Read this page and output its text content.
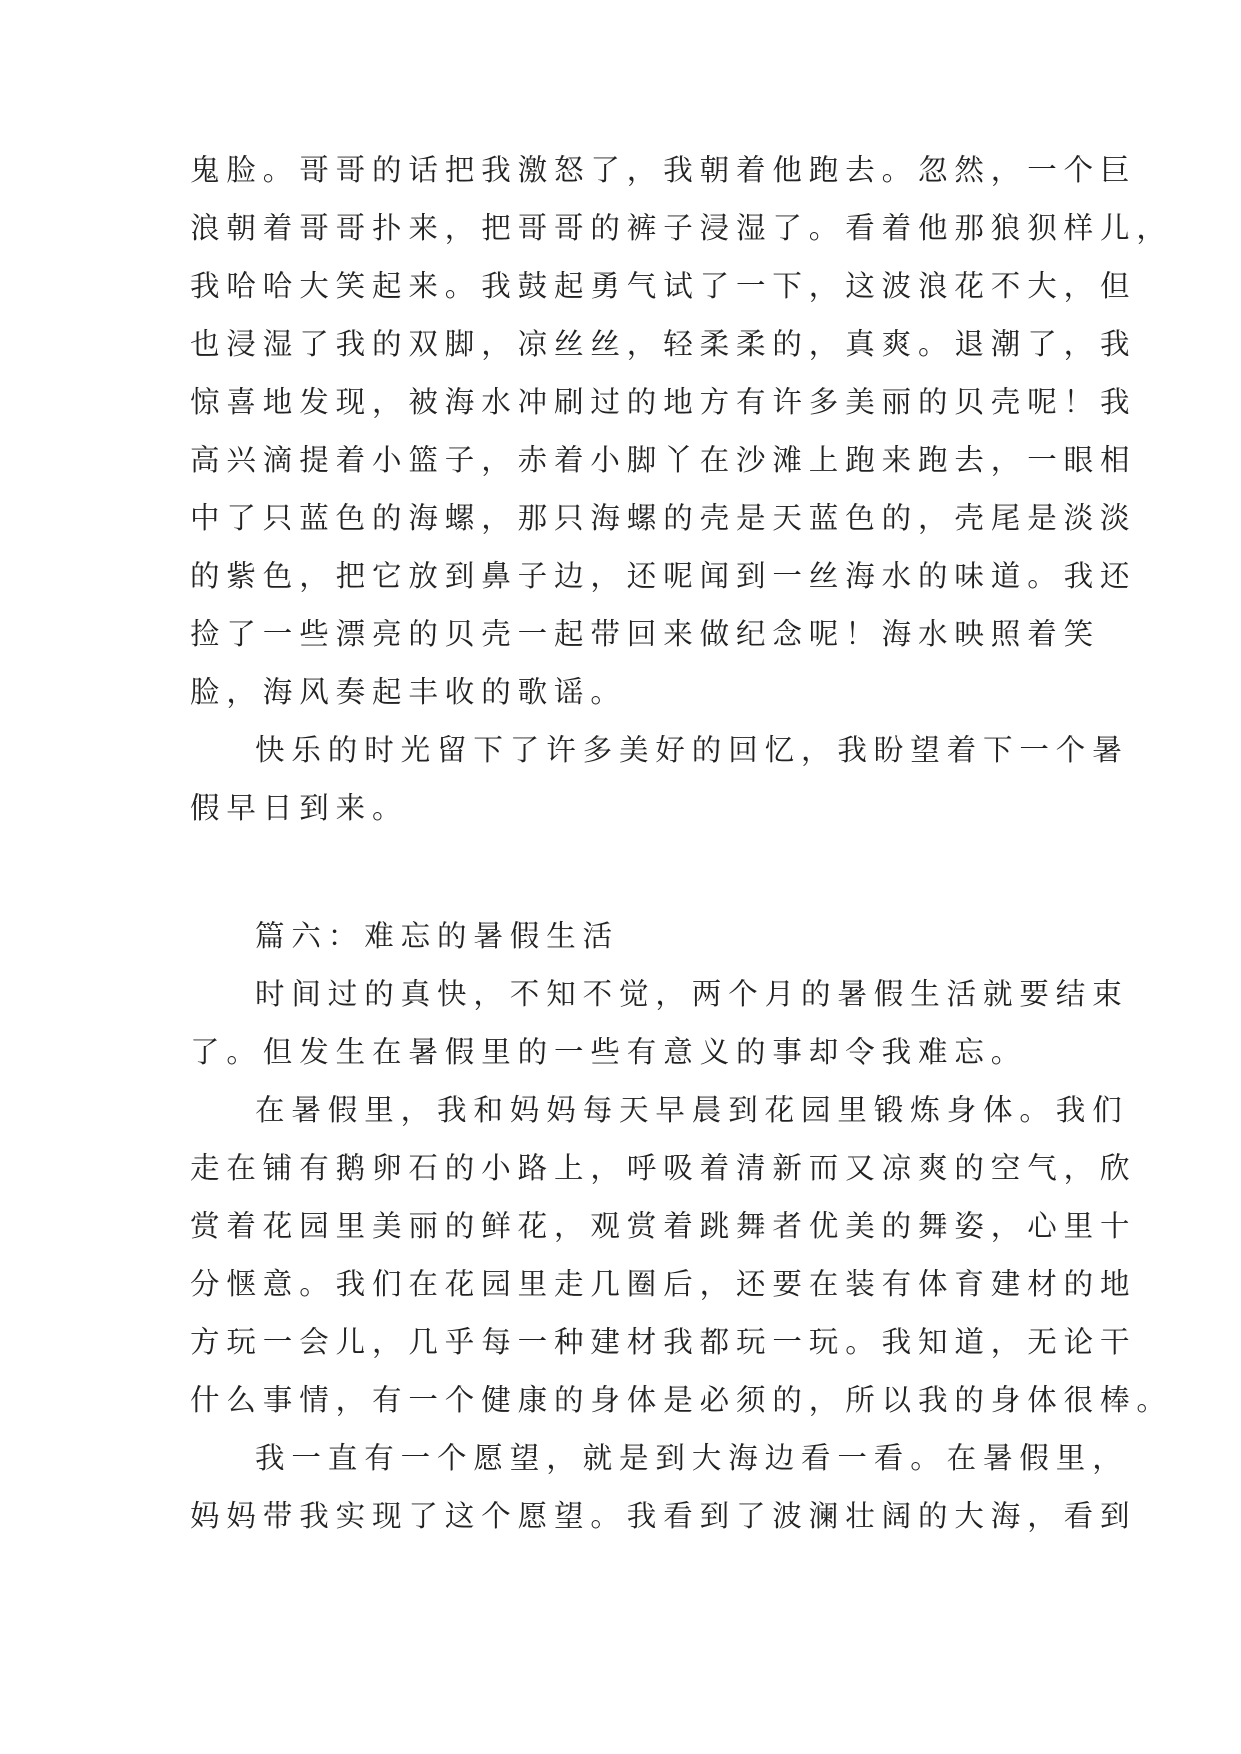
鬼脸。哥哥的话把我激怒了，我朝着他跑去。忽然，一个巨
浪朝着哥哥扑来，把哥哥的裤子浸湿了。看着他那狼狈样儿，
我哈哈大笑起来。我鼓起勇气试了一下，这波浪花不大，但
也浸湿了我的双脚，凉丝丝，轻柔柔的，真爽。退潮了，我
惊喜地发现，被海水冲刷过的地方有许多美丽的贝壳呢！我
高兴滴提着小篮子，赤着小脚丫在沙滩上跑来跑去，一眼相
中了只蓝色的海螺，那只海螺的壳是天蓝色的，壳尾是淡淡
的紫色，把它放到鼻子边，还呢闻到一丝海水的味道。我还
捡了一些漂亮的贝壳一起带回来做纪念呢！海水映照着笑
脸，海风奏起丰收的歌谣。
快乐的时光留下了许多美好的回忆，我盼望着下一个暑
假早日到来。
篇六：难忘的暑假生活
时间过的真快，不知不觉，两个月的暑假生活就要结束
了。但发生在暑假里的一些有意义的事却令我难忘。
在暑假里，我和妈妈每天早晨到花园里锻炼身体。我们
走在铺有鹅卵石的小路上，呼吸着清新而又凉爽的空气，欣
赏着花园里美丽的鲜花，观赏着跳舞者优美的舞姿，心里十
分惬意。我们在花园里走几圈后，还要在装有体育建材的地
方玩一会儿，几乎每一种建材我都玩一玩。我知道，无论干
什么事情，有一个健康的身体是必须的，所以我的身体很棒。
我一直有一个愿望，就是到大海边看一看。在暑假里，
妈妈带我实现了这个愿望。我看到了波澜壮阔的大海，看到
